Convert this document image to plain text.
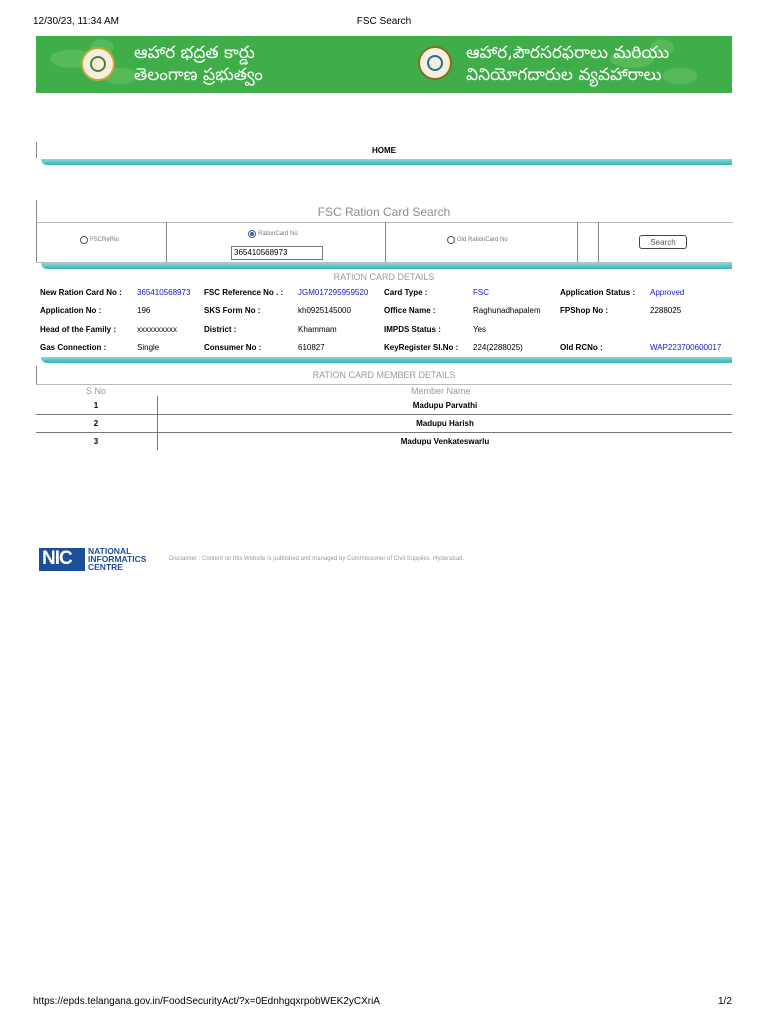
12/30/23, 11:34 AM	FSC Search
ఆహార భద్రత కార్డు
తెలంగాణ ప్రభుత్వం
ఆహార,పౌరసరఫరాలు మరియు
వినియోగదారుల వ్యవహారాలు
HOME
FSC Ration Card Search
FSCRefNo
RationCard No
365410568973
Old RationCard No	Search
RATION CARD DETAILS
New Ration Card No : 365410568973 FSC Reference No . : JGM017295959520 Card Type :	FSC	Application Status : Approved
Application No :	196	SKS Form No :	kh0925145000	Office Name :	Raghunadhapalem FPShop No :	2288025
Head of the Family :	xxxxxxxxxx	District :	Khammam	IMPDS Status :	Yes
Gas Connection :	Single	Consumer No :	610827	KeyRegister Sl.No : 224(2288025)	Old RCNo :	WAP223700600017
RATION CARD MEMBER DETAILS
S No	Member Name
1	Madupu Parvathi
2	Madupu Harish
3	Madupu Venkateswarlu
NIC NATIONAL
INFORMATICS
CENTRE
Disclaimer : Content on this Website is published and managed by Commissioner of Civil Supplies, Hyderabad.
https://epds.telangana.gov.in/FoodSecurityAct/?x=0EdnhgqxrpobWEK2yCXriA	1/2
